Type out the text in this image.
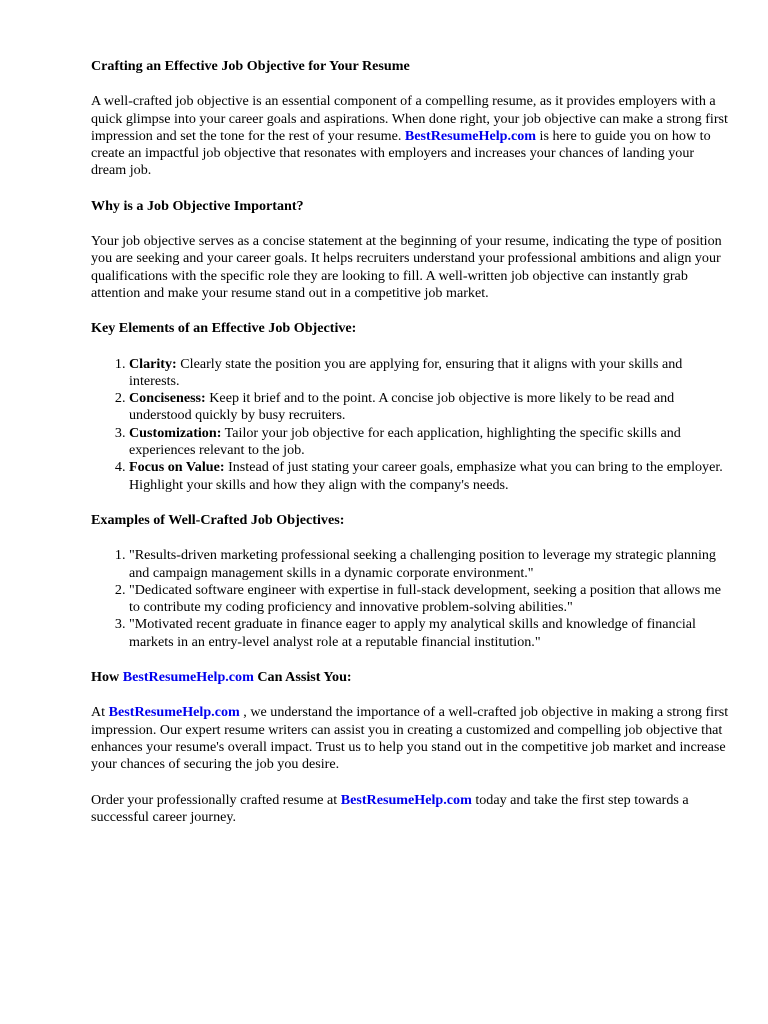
Crafting an Effective Job Objective for Your Resume

A well-crafted job objective is an essential component of a compelling resume, as it provides employers with a quick glimpse into your career goals and aspirations. When done right, your job objective can make a strong first impression and set the tone for the rest of your resume. BestResumeHelp.com is here to guide you on how to create an impactful job objective that resonates with employers and increases your chances of landing your dream job.

Why is a Job Objective Important?

Your job objective serves as a concise statement at the beginning of your resume, indicating the type of position you are seeking and your career goals. It helps recruiters understand your professional ambitions and align your qualifications with the specific role they are looking to fill. A well-written job objective can instantly grab attention and make your resume stand out in a competitive job market.

Key Elements of an Effective Job Objective:
1. Clarity: Clearly state the position you are applying for, ensuring that it aligns with your skills and interests.
2. Conciseness: Keep it brief and to the point. A concise job objective is more likely to be read and understood quickly by busy recruiters.
3. Customization: Tailor your job objective for each application, highlighting the specific skills and experiences relevant to the job.
4. Focus on Value: Instead of just stating your career goals, emphasize what you can bring to the employer. Highlight your skills and how they align with the company's needs.
Examples of Well-Crafted Job Objectives:
1. "Results-driven marketing professional seeking a challenging position to leverage my strategic planning and campaign management skills in a dynamic corporate environment."
2. "Dedicated software engineer with expertise in full-stack development, seeking a position that allows me to contribute my coding proficiency and innovative problem-solving abilities."
3. "Motivated recent graduate in finance eager to apply my analytical skills and knowledge of financial markets in an entry-level analyst role at a reputable financial institution."
How BestResumeHelp.com Can Assist You:

At BestResumeHelp.com , we understand the importance of a well-crafted job objective in making a strong first impression. Our expert resume writers can assist you in creating a customized and compelling job objective that enhances your resume's overall impact. Trust us to help you stand out in the competitive job market and increase your chances of securing the job you desire.

Order your professionally crafted resume at BestResumeHelp.com today and take the first step towards a successful career journey.
